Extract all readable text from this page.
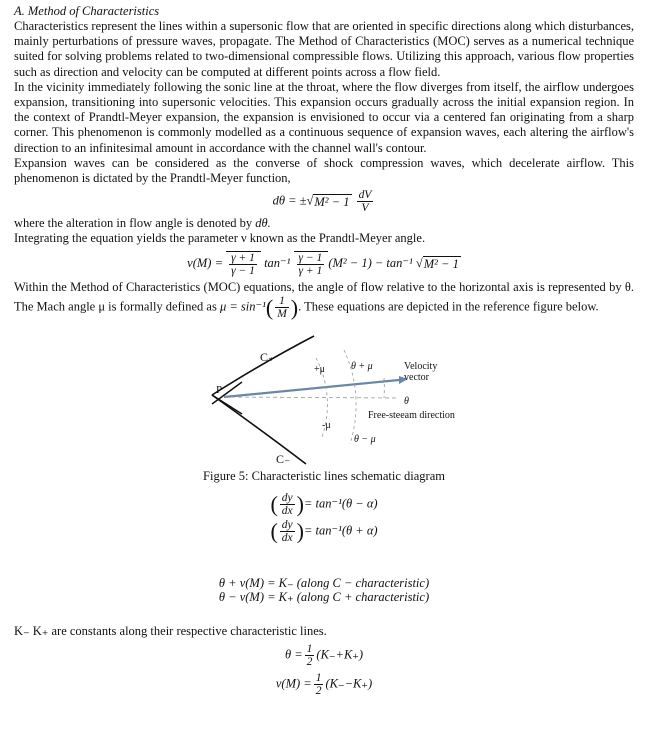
A. Method of Characteristics

Characteristics represent the lines within a supersonic flow that are oriented in specific directions along which disturbances, mainly perturbations of pressure waves, propagate. The Method of Characteristics (MOC) serves as a numerical technique suited for solving problems related to two-dimensional compressible flows. Utilizing this approach, various flow properties such as direction and velocity can be computed at different points across a flow field.

In the vicinity immediately following the sonic line at the throat, where the flow diverges from itself, the airflow undergoes expansion, transitioning into supersonic velocities. This expansion occurs gradually across the initial expansion region. In the context of Prandtl-Meyer expansion, the expansion is envisioned to occur via a centered fan originating from a sharp corner. This phenomenon is commonly modelled as a continuous sequence of expansion waves, each altering the airflow's direction to an infinitesimal amount in accordance with the channel wall's contour.

Expansion waves can be considered as the converse of shock compression waves, which decelerate airflow. This phenomenon is dictated by the Prandtl-Meyer function,

$d\theta = \pm√M^2 - 1 \frac{dV}{V}$

where the alteration in flow angle is denoted by dθ.

Integrating the equation yields the parameter ν known as the Prandtl-Meyer angle.

$\nu(M) = \frac{\gamma + 1}{\gamma - 1} \tan^{-1} \frac{\gamma - 1}{\gamma + 1} (M^2 - 1) - \tan^{-1}$ √M² − 1

Within the Method of Characteristics (MOC) equations, the angle of flow relative to the horizontal axis is represented by θ. The Mach angle μ is formally defined as $\mu = \sin^{-1}( \frac{1}{M}$ ). These equations are depicted in the reference figure below.

C₊
C₋
P
+μ
-μ
θ + μ
θ − μ
θ
Velocity
vector
Free-steeam direction
Figure 5: Characteristic lines schematic diagram
( $\frac{dy}{dx}$ )= tan⁻¹(θ − α)
( $\frac{dy}{dx}$ )= tan⁻¹(θ + α)
θ + ν(M) = K₋ (along C − characteristic)
θ − ν(M) = K₊ (along C + characteristic)

K₋ K₊ are constants along their respective characteristic lines.

$\theta = \frac{1}{2} (K_-+K_+)$
$\nu(M) = \frac{1}{2} (K_--K_+)$
